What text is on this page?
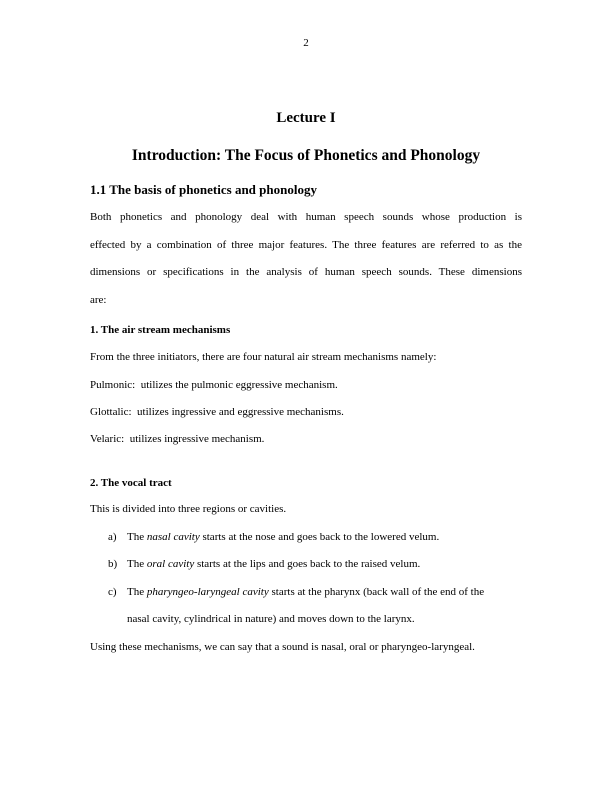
2
Lecture I
Introduction: The Focus of Phonetics and Phonology
1.1 The basis of phonetics and phonology
Both phonetics and phonology deal with human speech sounds whose production is
effected by a combination of three major features. The three features are referred to as the
dimensions or specifications in the analysis of human speech sounds. These dimensions
are:
1. The air stream mechanisms
From the three initiators, there are four natural air stream mechanisms namely:
Pulmonic:  utilizes the pulmonic eggressive mechanism.
Glottalic:  utilizes ingressive and eggressive mechanisms.
Velaric:  utilizes ingressive mechanism.
2. The vocal tract
This is divided into three regions or cavities.
a) The nasal cavity starts at the nose and goes back to the lowered velum.
b) The oral cavity starts at the lips and goes back to the raised velum.
c) The pharyngeo-laryngeal cavity starts at the pharynx (back wall of the end of the
nasal cavity, cylindrical in nature) and moves down to the larynx.
Using these mechanisms, we can say that a sound is nasal, oral or pharyngeo-laryngeal.
